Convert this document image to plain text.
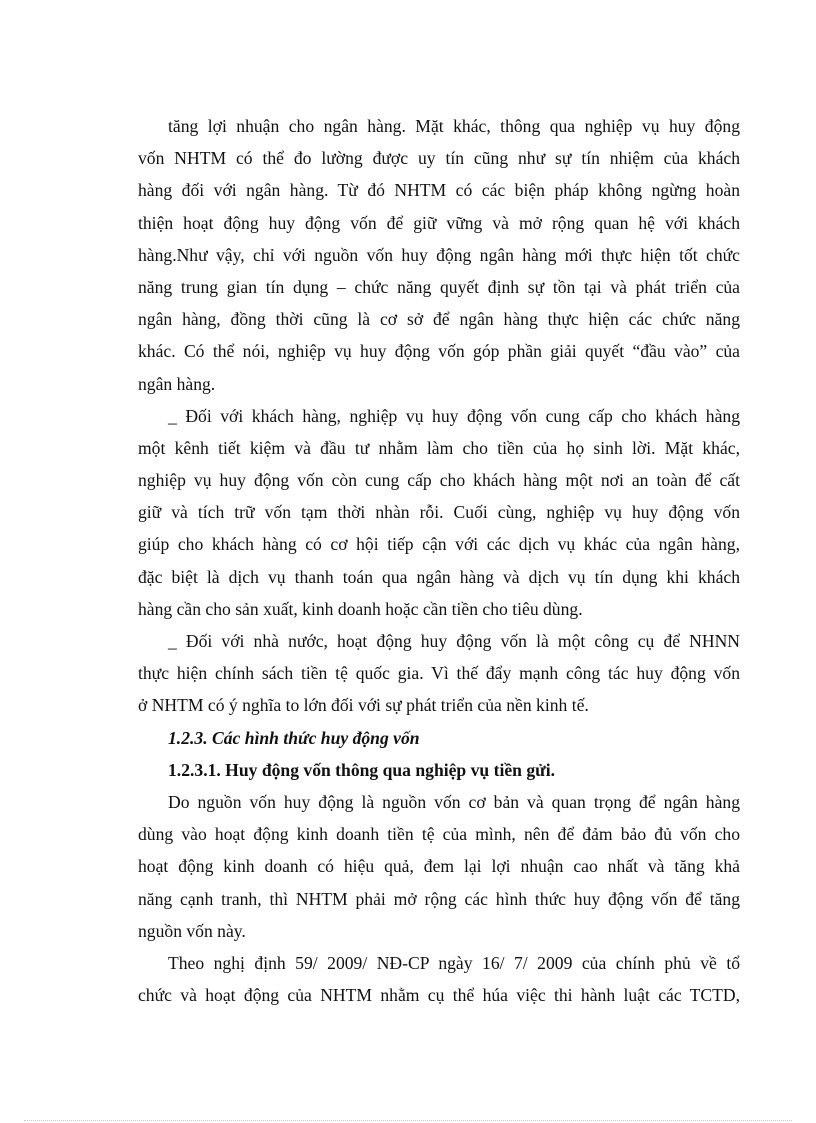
tăng lợi nhuận cho ngân hàng. Mặt khác, thông qua nghiệp vụ huy động
vốn NHTM có thể đo lường được uy tín cũng như sự tín nhiệm của khách
hàng đối với ngân hàng. Từ đó NHTM có các biện pháp không ngừng hoàn
thiện hoạt động huy động vốn để giữ vững và mở rộng quan hệ với khách
hàng.Như vậy, chỉ với nguồn vốn huy động ngân hàng mới thực hiện tốt chức
năng trung gian tín dụng – chức năng quyết định sự tồn tại và phát triển của
ngân hàng, đồng thời cũng là cơ sở để ngân hàng thực hiện các chức năng
khác. Có thể nói, nghiệp vụ huy động vốn góp phần giải quyết “đầu vào” của
ngân hàng.
_ Đối với khách hàng, nghiệp vụ huy động vốn cung cấp cho khách hàng
một kênh tiết kiệm và đầu tư nhằm làm cho tiền của họ sinh lời. Mặt khác,
nghiệp vụ huy động vốn còn cung cấp cho khách hàng một nơi an toàn để cất
giữ và tích trữ vốn tạm thời nhàn rỗi. Cuối cùng, nghiệp vụ huy động vốn
giúp cho khách hàng có cơ hội tiếp cận với các dịch vụ khác của ngân hàng,
đặc biệt là dịch vụ thanh toán qua ngân hàng và dịch vụ tín dụng khi khách
hàng cần cho sản xuất, kinh doanh hoặc cần tiền cho tiêu dùng.
_ Đối với nhà nước, hoạt động huy động vốn là một công cụ để NHNN
thực hiện chính sách tiền tệ quốc gia. Vì thế đẩy mạnh công tác huy động vốn
ở NHTM có ý nghĩa to lớn đối với sự phát triển của nền kinh tế.
1.2.3. Các hình thức huy động vốn
1.2.3.1. Huy động vốn thông qua nghiệp vụ tiền gửi.
Do nguồn vốn huy động là nguồn vốn cơ bản và quan trọng để ngân hàng
dùng vào hoạt động kinh doanh tiền tệ của mình, nên để đảm bảo đủ vốn cho
hoạt động kinh doanh có hiệu quả, đem lại lợi nhuận cao nhất và tăng khả
năng cạnh tranh, thì NHTM phải mở rộng các hình thức huy động vốn để tăng
nguồn vốn này.
Theo nghị định 59/ 2009/ NĐ-CP ngày 16/ 7/ 2009 của chính phủ về tổ
chức và hoạt động của NHTM nhằm cụ thể húa việc thi hành luật các TCTD,
